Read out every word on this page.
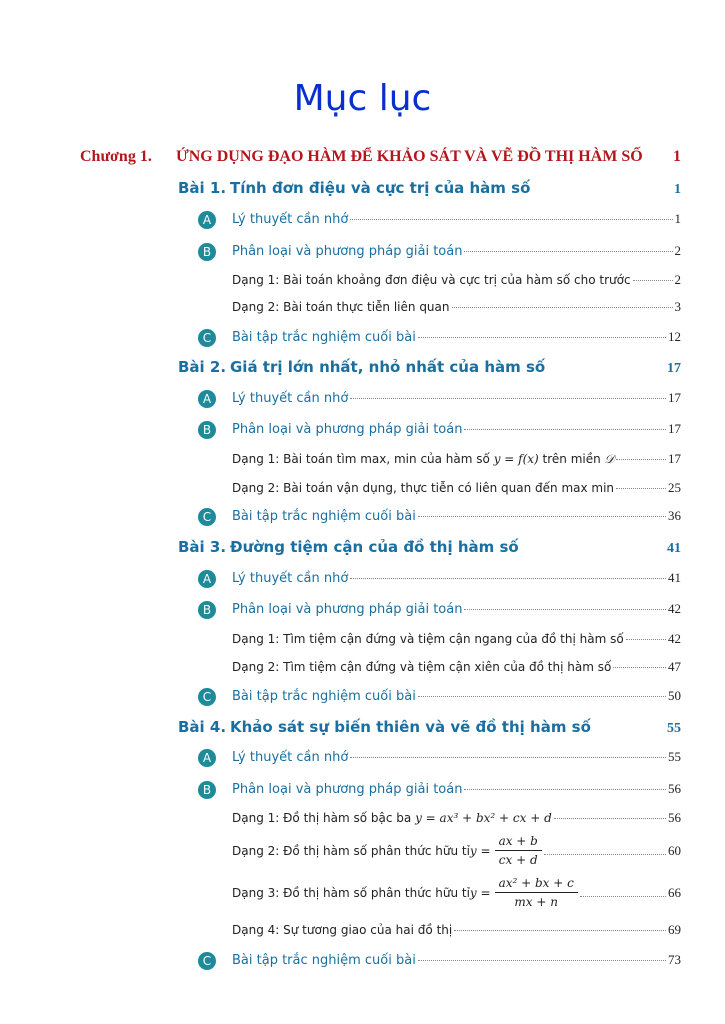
Mục lục
Chương 1.	ỨNG DỤNG ĐẠO HÀM ĐỂ KHẢO SÁT VÀ VẼ ĐỒ THỊ HÀM SỐ	1
Bài 1. Tính đơn điệu và cực trị của hàm số	1
A	Lý thuyết cần nhớ	1
B	Phân loại và phương pháp giải toán	2
Dạng 1: Bài toán khoảng đơn điệu và cực trị của hàm số cho trước	2
Dạng 2: Bài toán thực tiễn liên quan	3
C	Bài tập trắc nghiệm cuối bài	12
Bài 2. Giá trị lớn nhất, nhỏ nhất của hàm số	17
A	Lý thuyết cần nhớ	17
B	Phân loại và phương pháp giải toán	17
Dạng 1: Bài toán tìm max, min của hàm số y = f(x) trên miền 𝒟	17
Dạng 2: Bài toán vận dụng, thực tiễn có liên quan đến max min	25
C	Bài tập trắc nghiệm cuối bài	36
Bài 3. Đường tiệm cận của đồ thị hàm số	41
A	Lý thuyết cần nhớ	41
B	Phân loại và phương pháp giải toán	42
Dạng 1: Tìm tiệm cận đứng và tiệm cận ngang của đồ thị hàm số	42
Dạng 2: Tìm tiệm cận đứng và tiệm cận xiên của đồ thị hàm số	47
C	Bài tập trắc nghiệm cuối bài	50
Bài 4. Khảo sát sự biến thiên và vẽ đồ thị hàm số	55
A	Lý thuyết cần nhớ	55
B	Phân loại và phương pháp giải toán	56
Dạng 1: Đồ thị hàm số bậc ba y = ax³ + bx² + cx + d	56
Dạng 2: Đồ thị hàm số phân thức hữu tỉ $y = \frac{ax + b}{cx + d}$	60
Dạng 3: Đồ thị hàm số phân thức hữu tỉ $y = \frac{\text{ax² + bx + c}}{mx + n}$	66
Dạng 4: Sự tương giao của hai đồ thị	69
C	Bài tập trắc nghiệm cuối bài	73
